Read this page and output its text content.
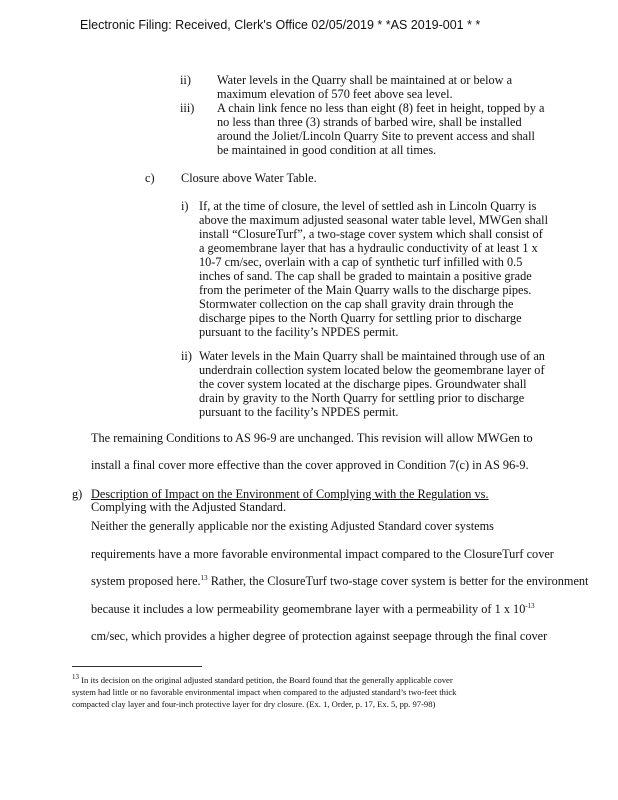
Electronic Filing: Received, Clerk's Office 02/05/2019 * *AS 2019-001 * *
ii) Water levels in the Quarry shall be maintained at or below a
maximum elevation of 570 feet above sea level.
iii) A chain link fence no less than eight (8) feet in height, topped by a
no less than three (3) strands of barbed wire, shall be installed
around the Joliet/Lincoln Quarry Site to prevent access and shall
be maintained in good condition at all times.
c) Closure above Water Table.
i) If, at the time of closure, the level of settled ash in Lincoln Quarry is
above the maximum adjusted seasonal water table level, MWGen shall
install “ClosureTurf”, a two-stage cover system which shall consist of
a geomembrane layer that has a hydraulic conductivity of at least 1 x
10-7 cm/sec, overlain with a cap of synthetic turf infilled with 0.5
inches of sand. The cap shall be graded to maintain a positive grade
from the perimeter of the Main Quarry walls to the discharge pipes.
Stormwater collection on the cap shall gravity drain through the
discharge pipes to the North Quarry for settling prior to discharge
pursuant to the facility’s NPDES permit.
ii) Water levels in the Main Quarry shall be maintained through use of an
underdrain collection system located below the geomembrane layer of
the cover system located at the discharge pipes. Groundwater shall
drain by gravity to the North Quarry for settling prior to discharge
pursuant to the facility’s NPDES permit.
The remaining Conditions to AS 96-9 are unchanged. This revision will allow MWGen to
install a final cover more effective than the cover approved in Condition 7(c) in AS 96-9.
g) Description of Impact on the Environment of Complying with the Regulation vs.
Complying with the Adjusted Standard.
Neither the generally applicable nor the existing Adjusted Standard cover systems
requirements have a more favorable environmental impact compared to the ClosureTurf cover
system proposed here.$^{13}$ Rather, the ClosureTurf two-stage cover system is better for the environment
because it includes a low permeability geomembrane layer with a permeability of 1 x $10^{-13}$
cm/sec, which provides a higher degree of protection against seepage through the final cover
$^{13}$ In its decision on the original adjusted standard petition, the Board found that the generally applicable cover
system had little or no favorable environmental impact when compared to the adjusted standard’s two-feet thick
compacted clay layer and four-inch protective layer for dry closure. (Ex. 1, Order, p. 17, Ex. 5, pp. 97-98)
